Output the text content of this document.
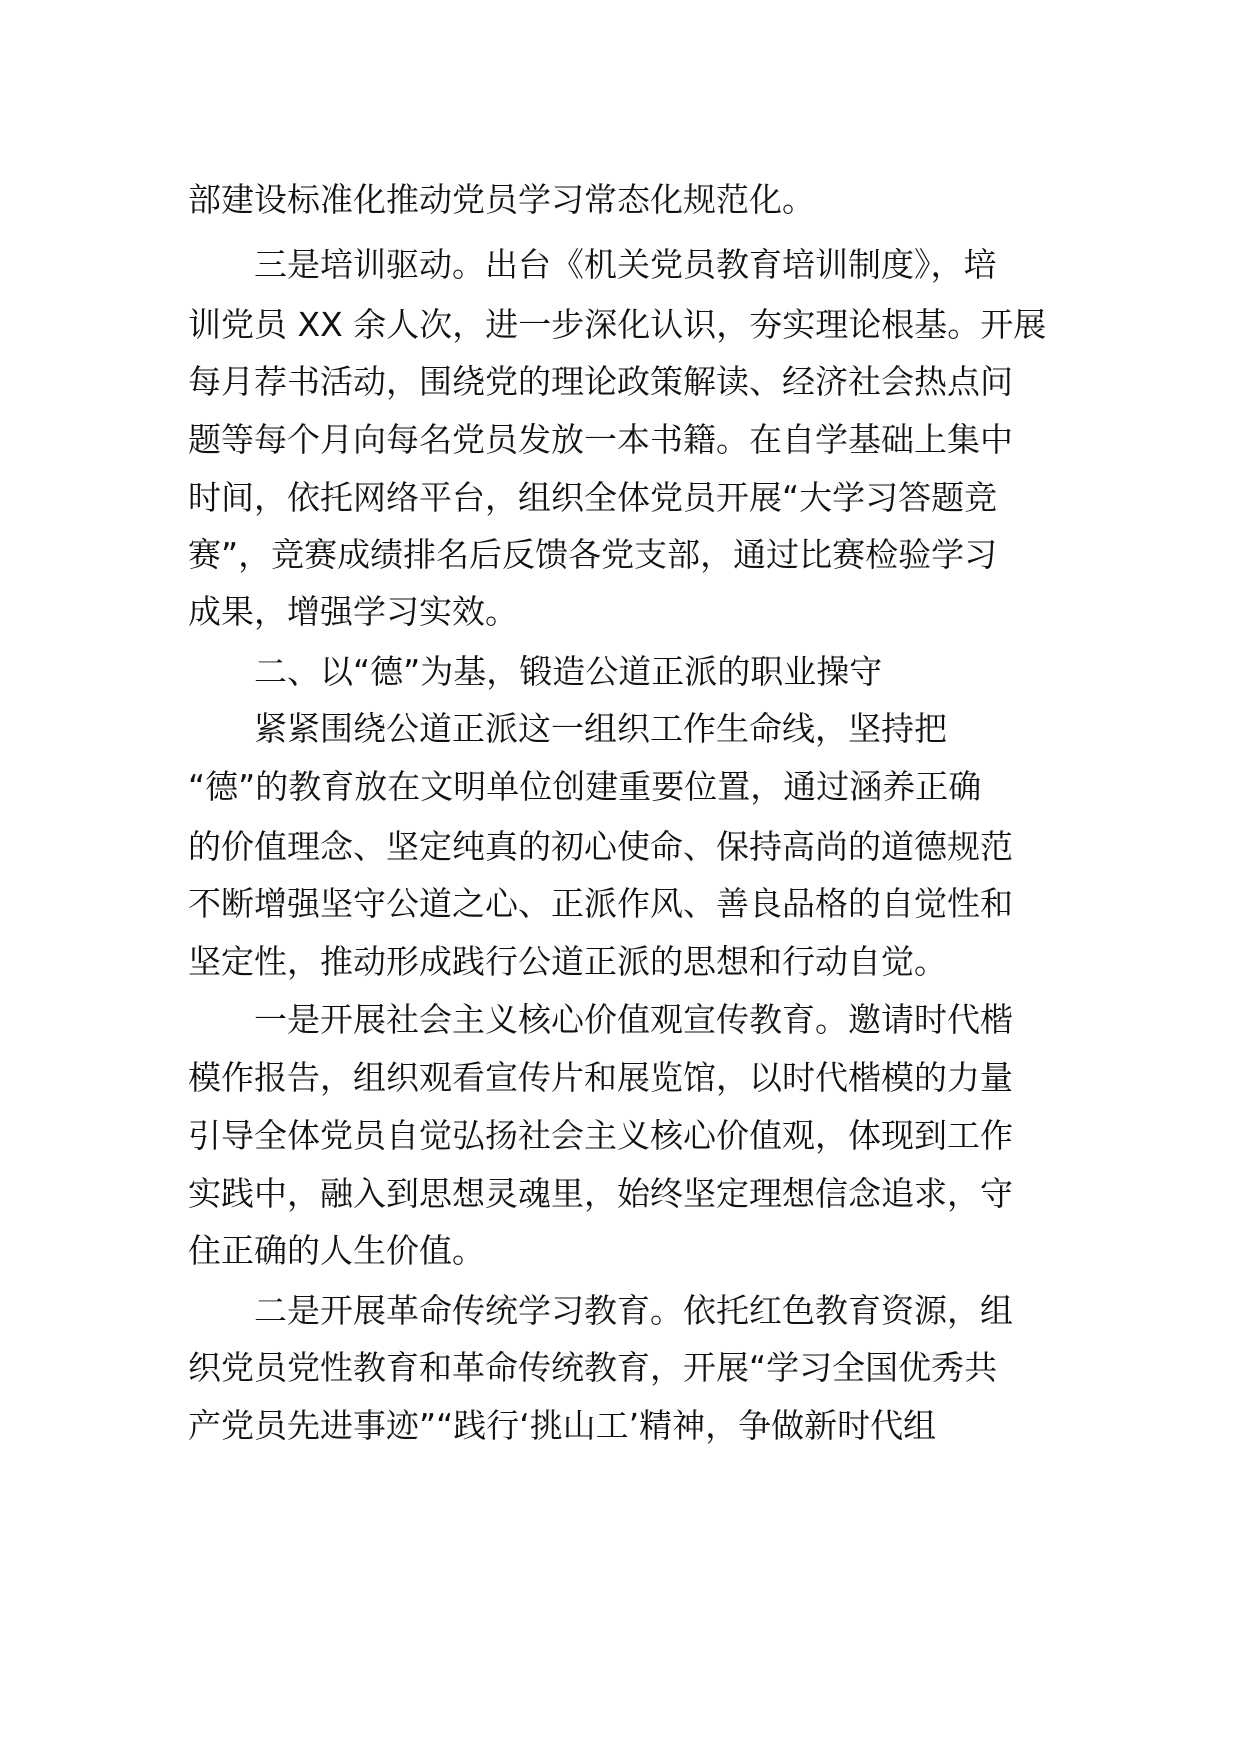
部建设标准化推动党员学习常态化规范化。
三是培训驱动。出台《机关党员教育培训制度》，培
训党员 XX 余人次，进一步深化认识，夯实理论根基。开展
每月荐书活动，围绕党的理论政策解读、经济社会热点问
题等每个月向每名党员发放一本书籍。在自学基础上集中
时间，依托网络平台，组织全体党员开展“大学习答题竞
赛”，竞赛成绩排名后反馈各党支部，通过比赛检验学习
成果，增强学习实效。
二、以“德”为基，锻造公道正派的职业操守
紧紧围绕公道正派这一组织工作生命线，坚持把
“德”的教育放在文明单位创建重要位置，通过涵养正确
的价值理念、坚定纯真的初心使命、保持高尚的道德规范
不断增强坚守公道之心、正派作风、善良品格的自觉性和
坚定性，推动形成践行公道正派的思想和行动自觉。
一是开展社会主义核心价值观宣传教育。邀请时代楷
模作报告，组织观看宣传片和展览馆，以时代楷模的力量
引导全体党员自觉弘扬社会主义核心价值观，体现到工作
实践中，融入到思想灵魂里，始终坚定理想信念追求，守
住正确的人生价值。
二是开展革命传统学习教育。依托红色教育资源，组
织党员党性教育和革命传统教育，开展“学习全国优秀共
产党员先进事迹”“践行‘挑山工’精神，争做新时代组
